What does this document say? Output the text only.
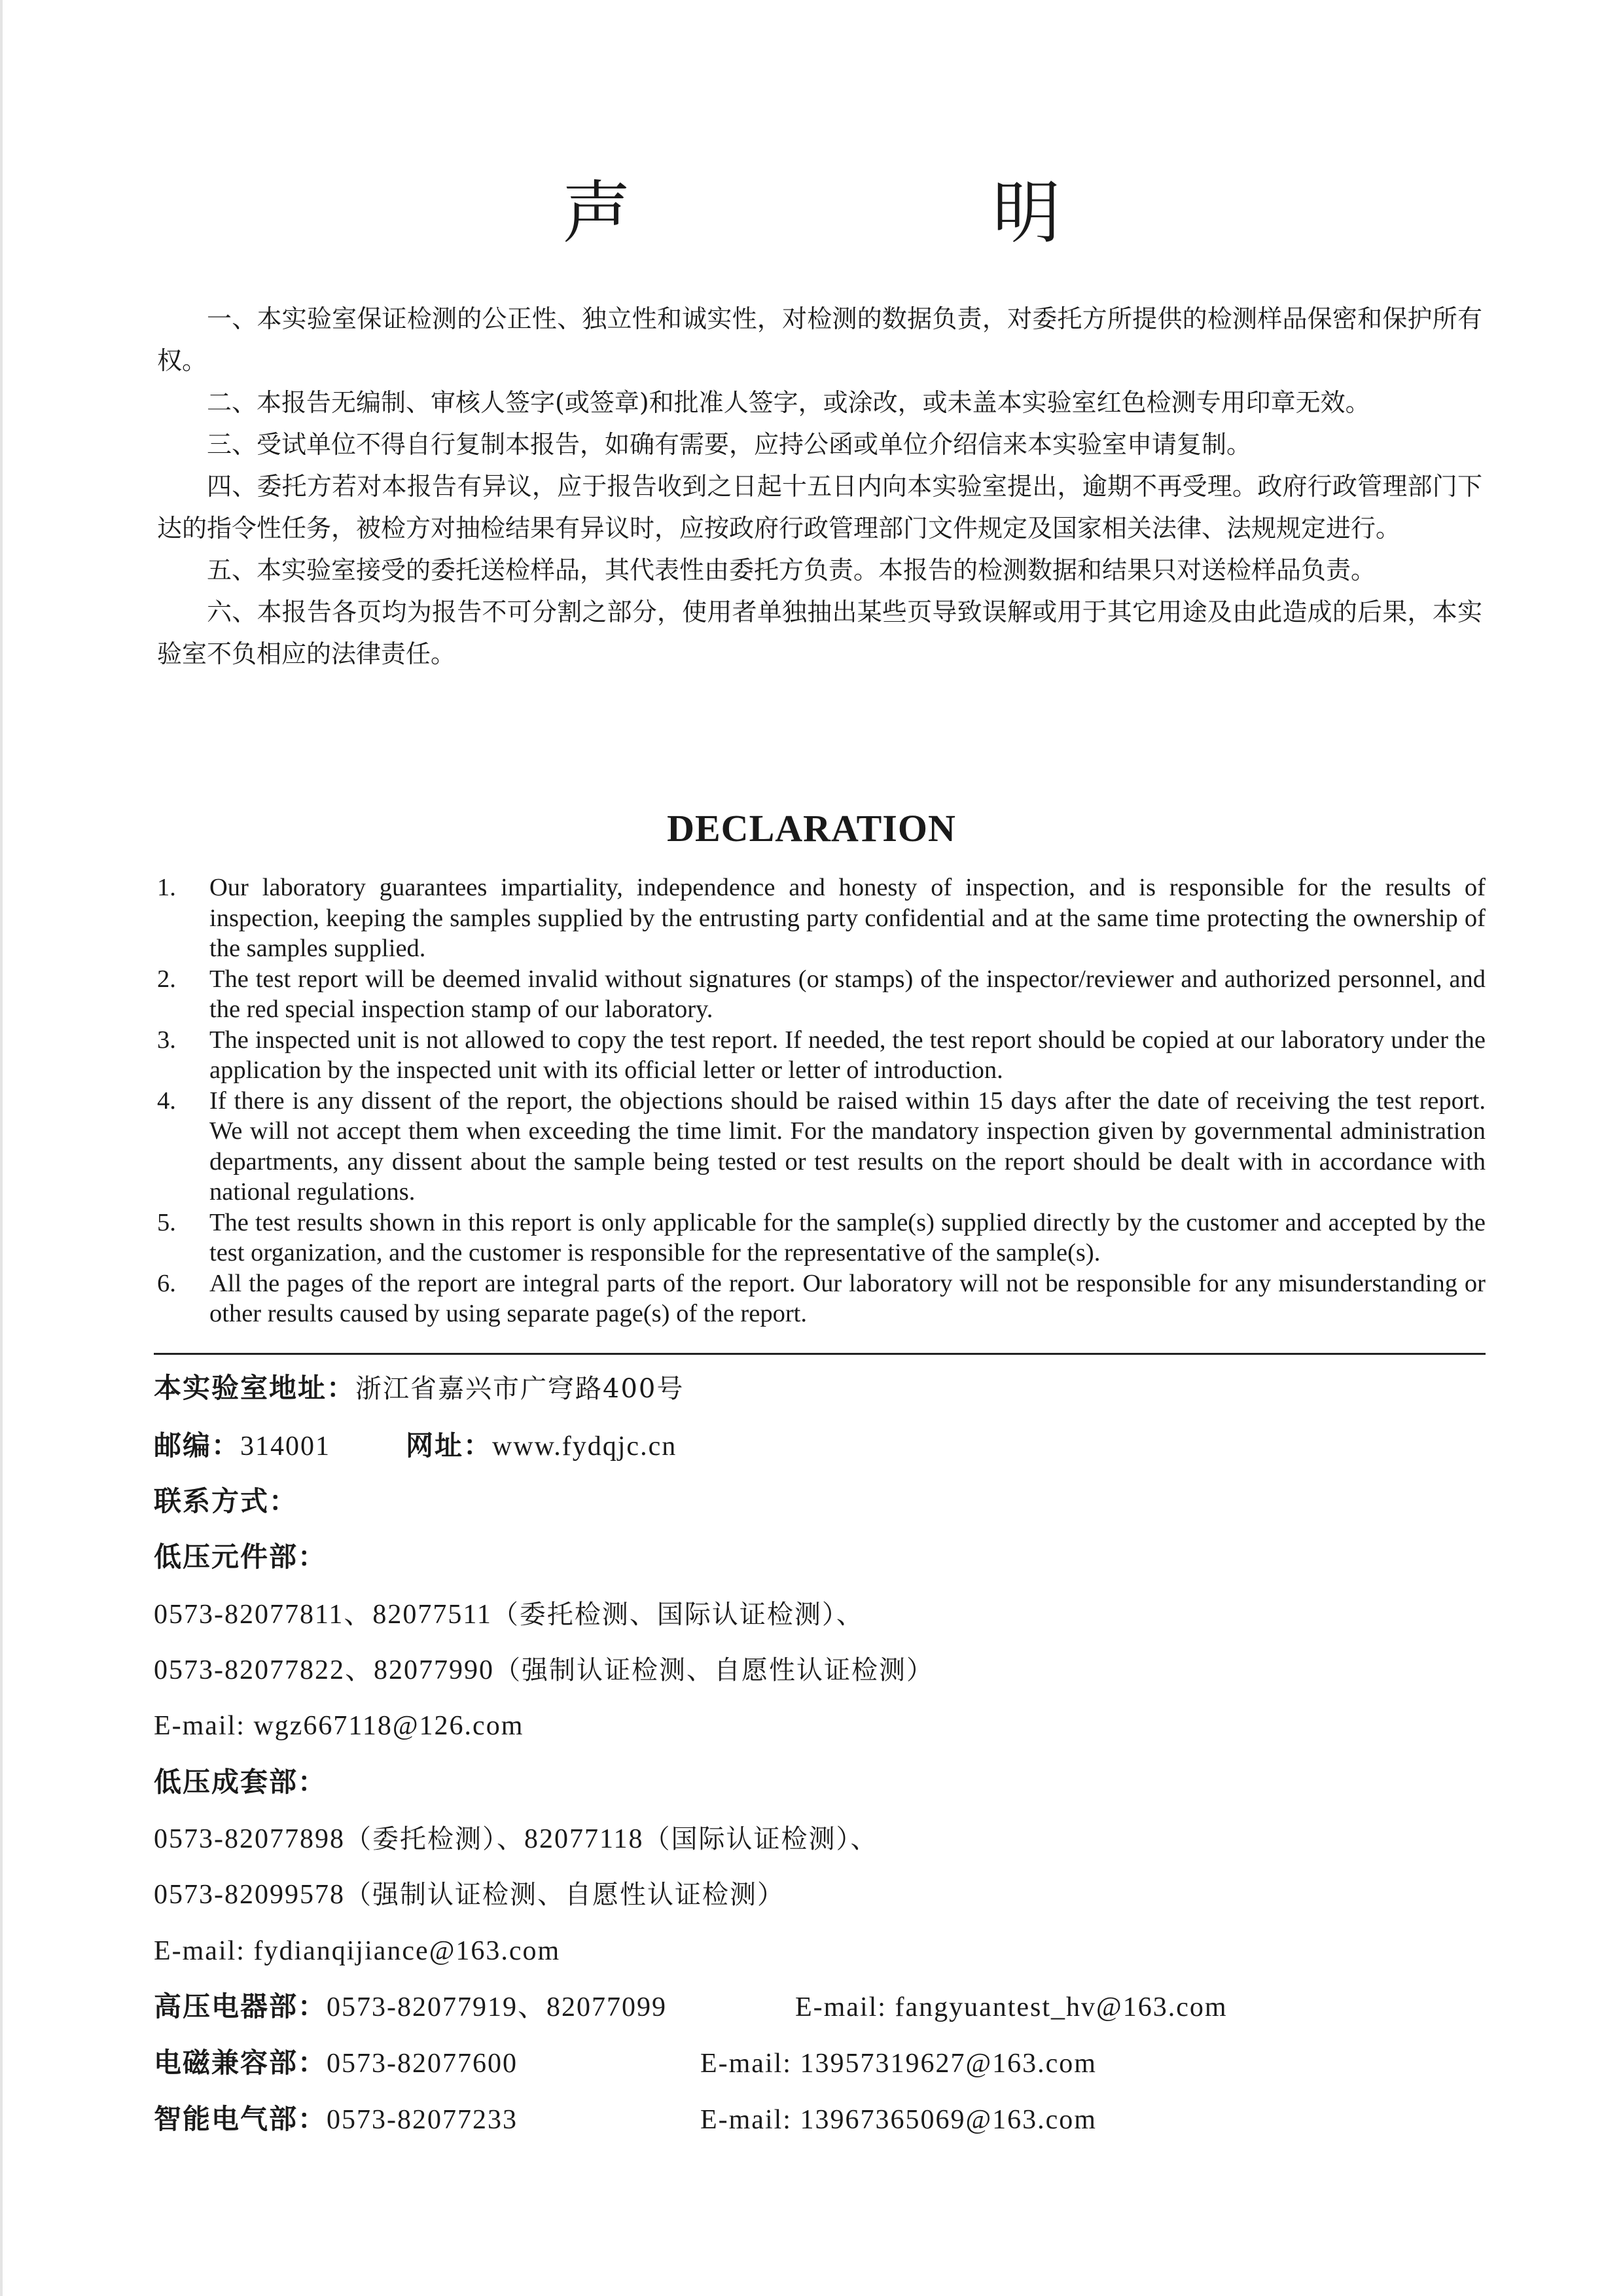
声 明

一、本实验室保证检测的公正性、独立性和诚实性，对检测的数据负责，对委托方所提供的检测样品保密和保护所有权。

二、本报告无编制、审核人签字(或签章)和批准人签字，或涂改，或未盖本实验室红色检测专用印章无效。

三、受试单位不得自行复制本报告，如确有需要，应持公函或单位介绍信来本实验室申请复制。

四、委托方若对本报告有异议，应于报告收到之日起十五日内向本实验室提出，逾期不再受理。政府行政管理部门下达的指令性任务，被检方对抽检结果有异议时，应按政府行政管理部门文件规定及国家相关法律、法规规定进行。

五、本实验室接受的委托送检样品，其代表性由委托方负责。本报告的检测数据和结果只对送检样品负责。

六、本报告各页均为报告不可分割之部分，使用者单独抽出某些页导致误解或用于其它用途及由此造成的后果，本实验室不负相应的法律责任。

DECLARATION
1.	Our laboratory guarantees impartiality, independence and honesty of inspection, and is responsible for the results of inspection, keeping the samples supplied by the entrusting party confidential and at the same time protecting the ownership of the samples supplied.
2.	The test report will be deemed invalid without signatures (or stamps) of the inspector/reviewer and authorized personnel, and the red special inspection stamp of our laboratory.
3.	The inspected unit is not allowed to copy the test report. If needed, the test report should be copied at our laboratory under the application by the inspected unit with its official letter or letter of introduction.
4.	If there is any dissent of the report, the objections should be raised within 15 days after the date of receiving the test report. We will not accept them when exceeding the time limit. For the mandatory inspection given by governmental administration departments, any dissent about the sample being tested or test results on the report should be dealt with in accordance with national regulations.
5.	The test results shown in this report is only applicable for the sample(s) supplied directly by the customer and accepted by the test organization, and the customer is responsible for the representative of the sample(s).
6.	All the pages of the report are integral parts of the report. Our laboratory will not be responsible for any misunderstanding or other results caused by using separate page(s) of the report.
本实验室地址：浙江省嘉兴市广穹路400号
邮编：314001	网址：www.fydqjc.cn
联系方式：
低压元件部：
0573-82077811、82077511（委托检测、国际认证检测）、
0573-82077822、82077990（强制认证检测、自愿性认证检测）
E-mail: wgz667118@126.com
低压成套部：
0573-82077898（委托检测）、82077118（国际认证检测）、
0573-82099578（强制认证检测、自愿性认证检测）
E-mail: fydianqijiance@163.com
高压电器部：0573-82077919、82077099	E-mail: fangyuantest_hv@163.com
电磁兼容部：0573-82077600	E-mail: 13957319627@163.com
智能电气部：0573-82077233	E-mail: 13967365069@163.com
